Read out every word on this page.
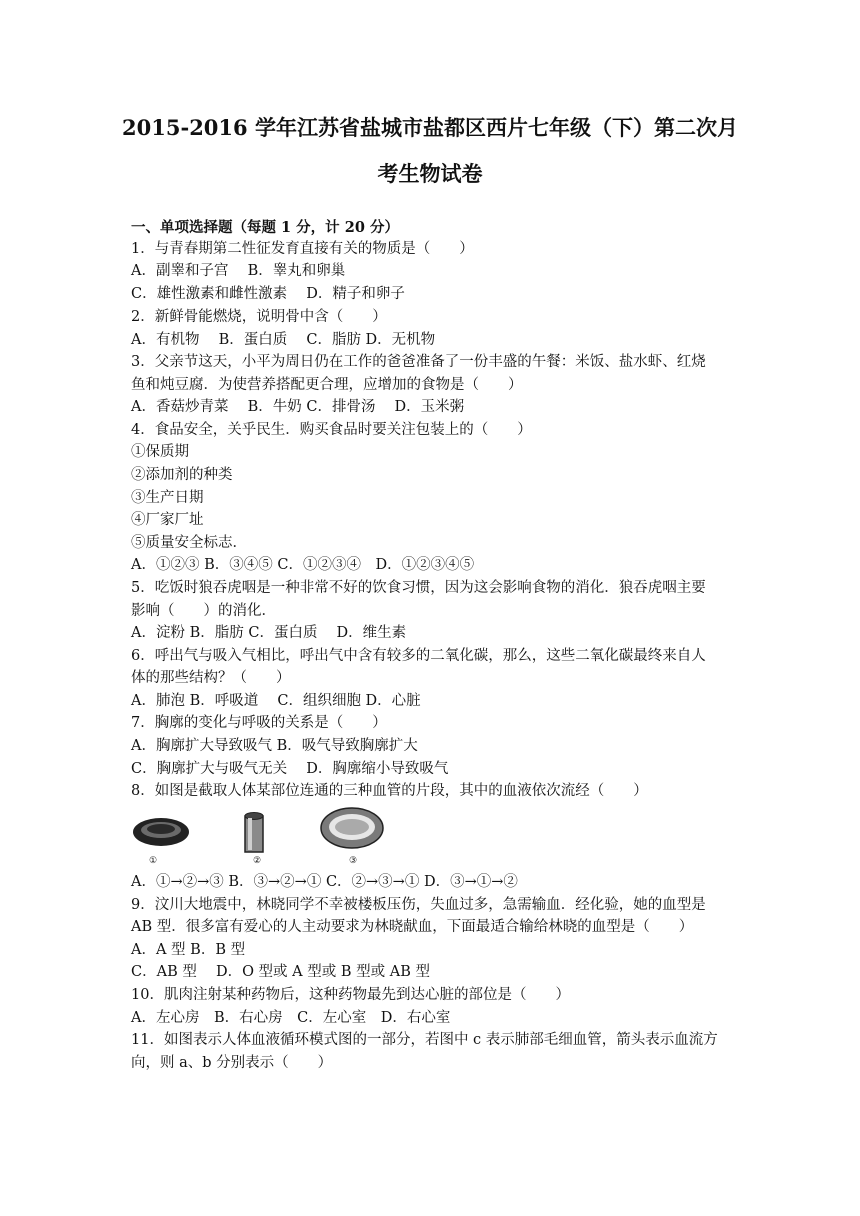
2015-2016 学年江苏省盐城市盐都区西片七年级（下）第二次月
考生物试卷
一、单项选择题（每题 1 分，计 20 分）
1．与青春期第二性征发育直接有关的物质是（　　）
A．副睾和子宫　 B．睾丸和卵巢
C．雄性激素和雌性激素　 D．精子和卵子
2．新鲜骨能燃烧，说明骨中含（　　）
A．有机物　 B．蛋白质　 C．脂肪 D．无机物
3．父亲节这天，小平为周日仍在工作的爸爸准备了一份丰盛的午餐：米饭、盐水虾、红烧
鱼和炖豆腐．为使营养搭配更合理，应增加的食物是（　　）
A．香菇炒青菜　 B．牛奶 C．排骨汤　 D．玉米粥
4．食品安全，关乎民生．购买食品时要关注包装上的（　　）
①保质期
②添加剂的种类
③生产日期
④厂家厂址
⑤质量安全标志．
A．①②③ B．③④⑤ C．①②③④　D．①②③④⑤
5．吃饭时狼吞虎咽是一种非常不好的饮食习惯，因为这会影响食物的消化．狼吞虎咽主要
影响（　　）的消化．
A．淀粉 B．脂肪 C．蛋白质　 D．维生素
6．呼出气与吸入气相比，呼出气中含有较多的二氧化碳，那么，这些二氧化碳最终来自人
体的那些结构？（　　）
A．肺泡 B．呼吸道　 C．组织细胞 D．心脏
7．胸廓的变化与呼吸的关系是（　　）
A．胸廓扩大导致吸气 B．吸气导致胸廓扩大
C．胸廓扩大与吸气无关　 D．胸廓缩小导致吸气
8．如图是截取人体某部位连通的三种血管的片段，其中的血液依次流经（　　）
①	②	③
A．①→②→③ B．③→②→① C．②→③→① D．③→①→②
9．汶川大地震中，林晓同学不幸被楼板压伤，失血过多，急需输血．经化验，她的血型是
AB 型．很多富有爱心的人主动要求为林晓献血，下面最适合输给林晓的血型是（　　）
A．A 型 B．B 型
C．AB 型　 D．O 型或 A 型或 B 型或 AB 型
10．肌肉注射某种药物后，这种药物最先到达心脏的部位是（　　）
A．左心房　B．右心房　C．左心室　D．右心室
11．如图表示人体血液循环模式图的一部分，若图中 c 表示肺部毛细血管，箭头表示血流方
向，则 a、b 分别表示（　　）
